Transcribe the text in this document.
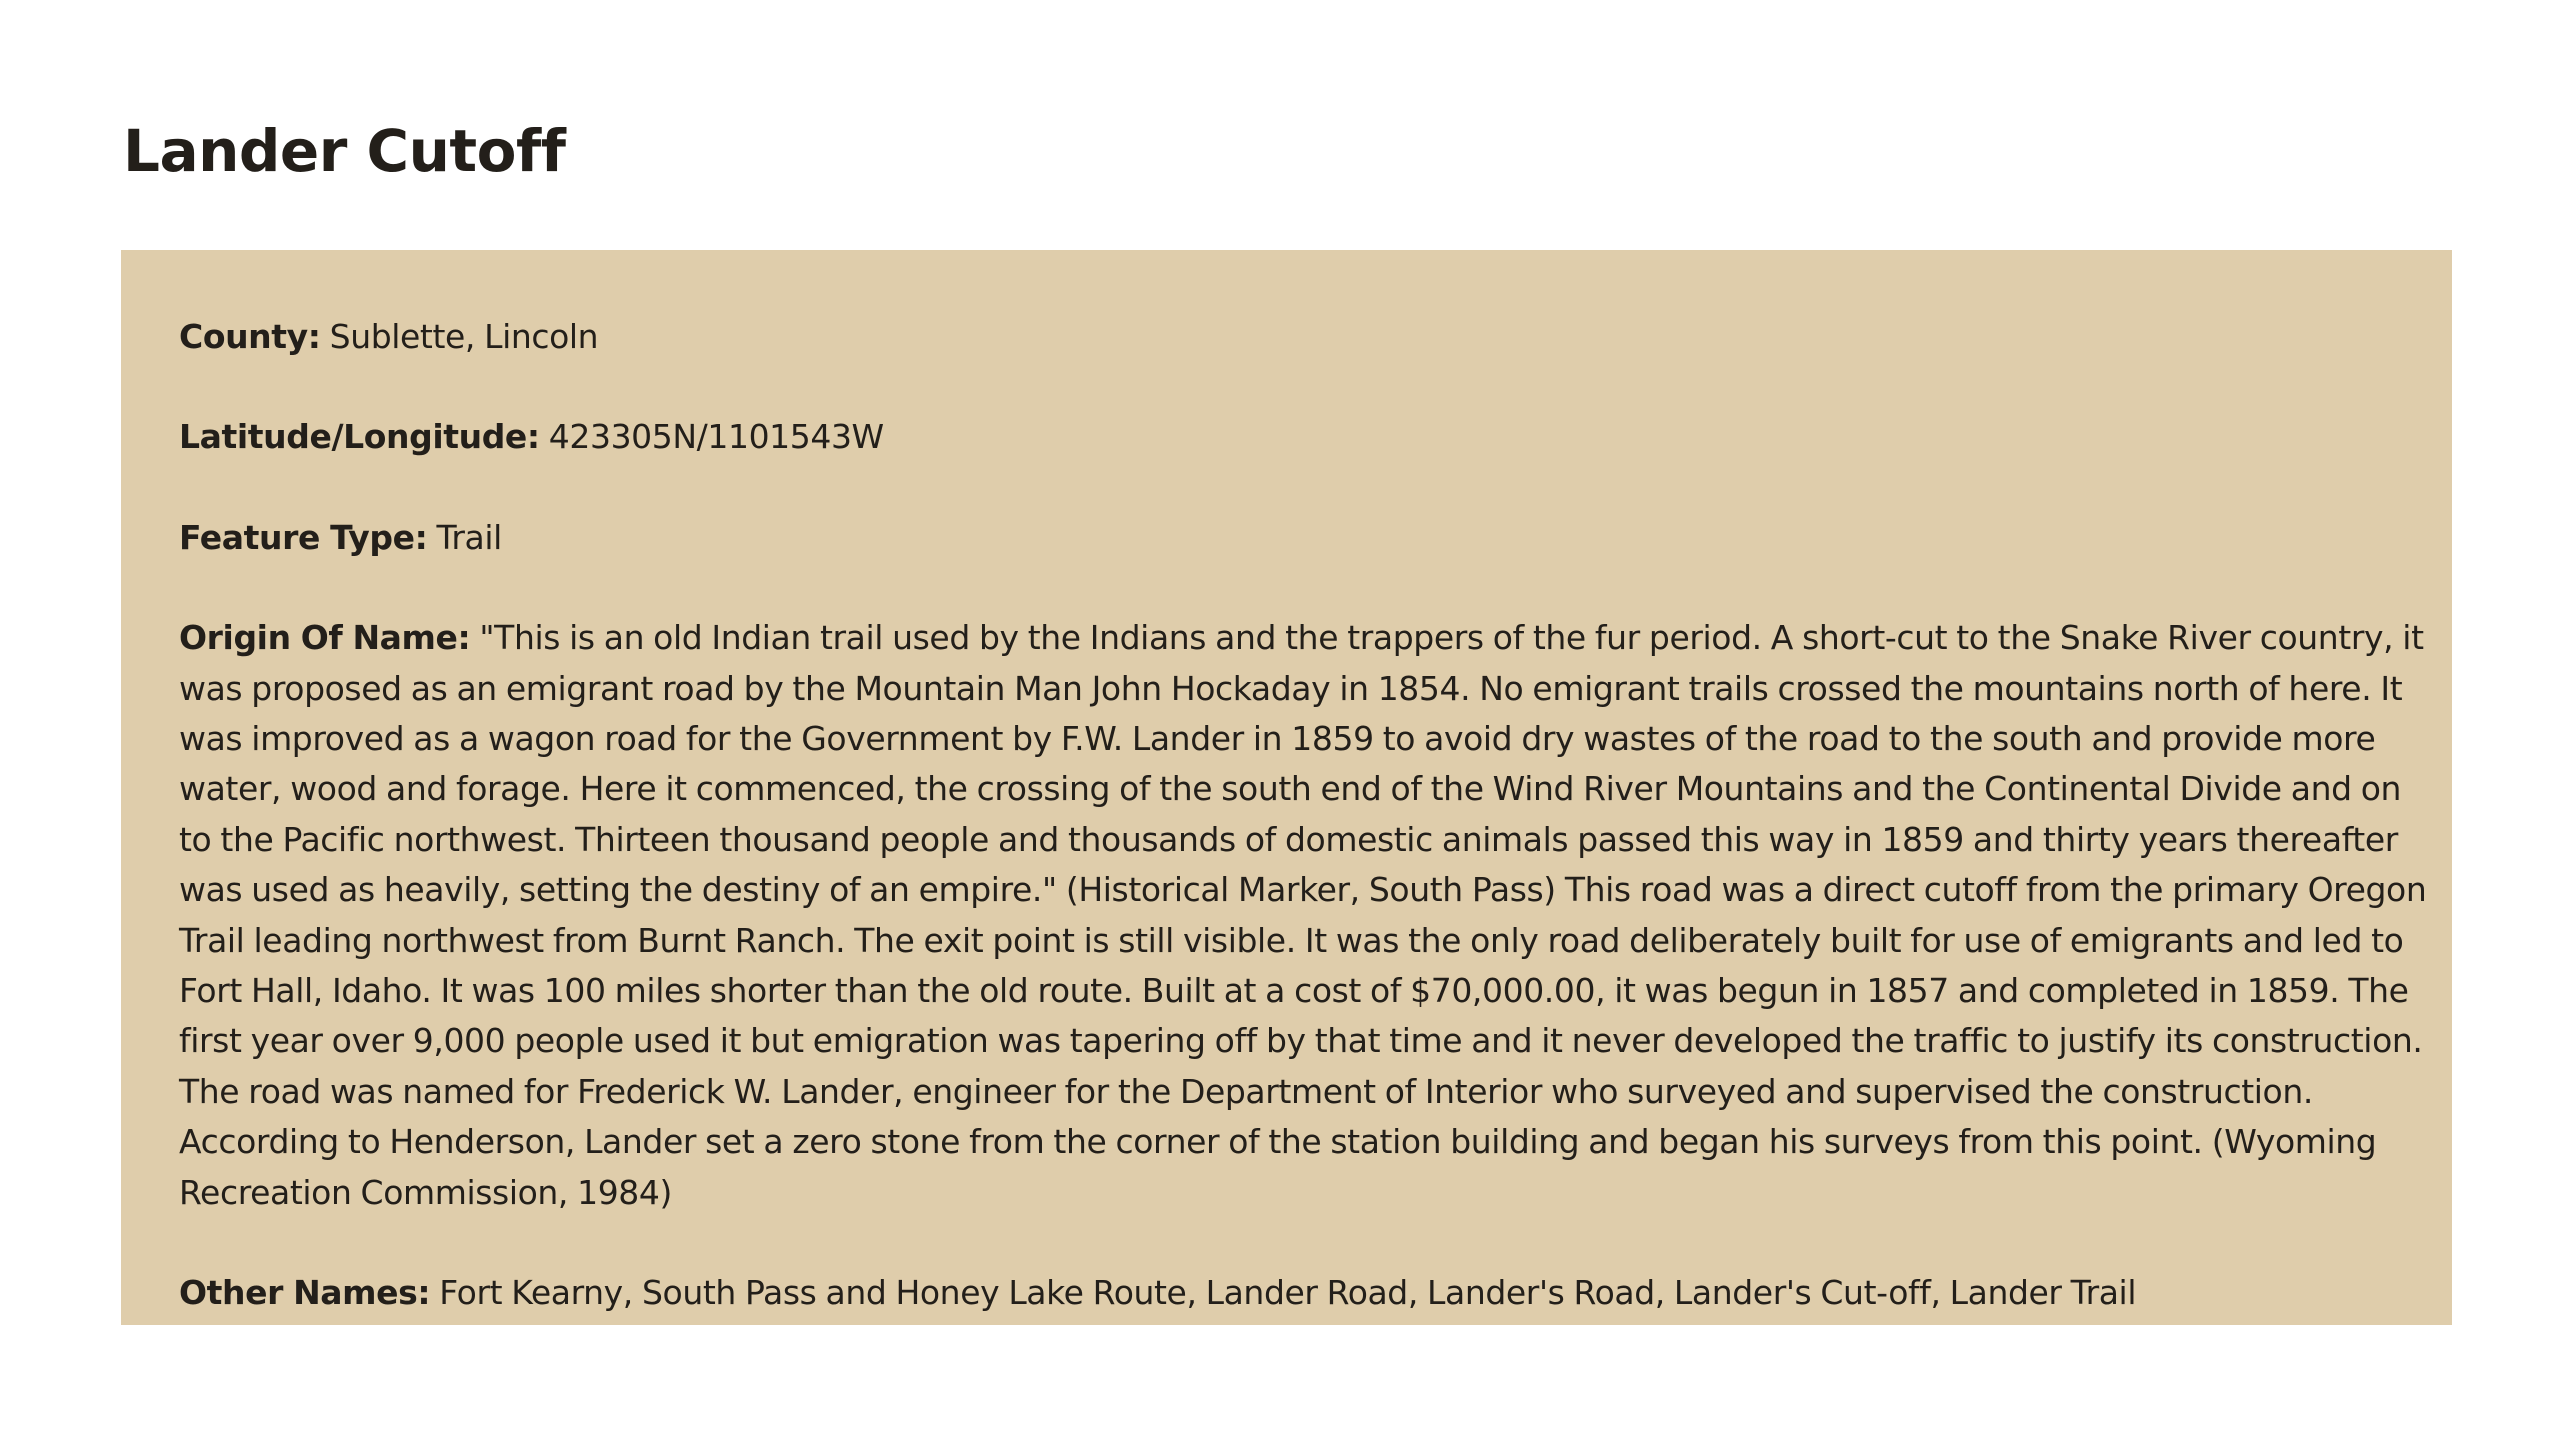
Lander Cutoff

County: Sublette, Lincoln

Latitude/Longitude: 423305N/1101543W

Feature Type: Trail

Origin Of Name: "This is an old Indian trail used by the Indians and the trappers of the fur period. A short-cut to the Snake River country, it was proposed as an emigrant road by the Mountain Man John Hockaday in 1854. No emigrant trails crossed the mountains north of here. It was improved as a wagon road for the Government by F.W. Lander in 1859 to avoid dry wastes of the road to the south and provide more water, wood and forage. Here it commenced, the crossing of the south end of the Wind River Mountains and the Continental Divide and on to the Pacific northwest. Thirteen thousand people and thousands of domestic animals passed this way in 1859 and thirty years thereafter was used as heavily, setting the destiny of an empire." (Historical Marker, South Pass) This road was a direct cutoff from the primary Oregon Trail leading northwest from Burnt Ranch. The exit point is still visible. It was the only road deliberately built for use of emigrants and led to Fort Hall, Idaho. It was 100 miles shorter than the old route. Built at a cost of $70,000.00, it was begun in 1857 and completed in 1859. The first year over 9,000 people used it but emigration was tapering off by that time and it never developed the traffic to justify its construction. The road was named for Frederick W. Lander, engineer for the Department of Interior who surveyed and supervised the construction. According to Henderson, Lander set a zero stone from the corner of the station building and began his surveys from this point. (Wyoming Recreation Commission, 1984)

Other Names: Fort Kearny, South Pass and Honey Lake Route, Lander Road, Lander's Road, Lander's Cut-off, Lander Trail
